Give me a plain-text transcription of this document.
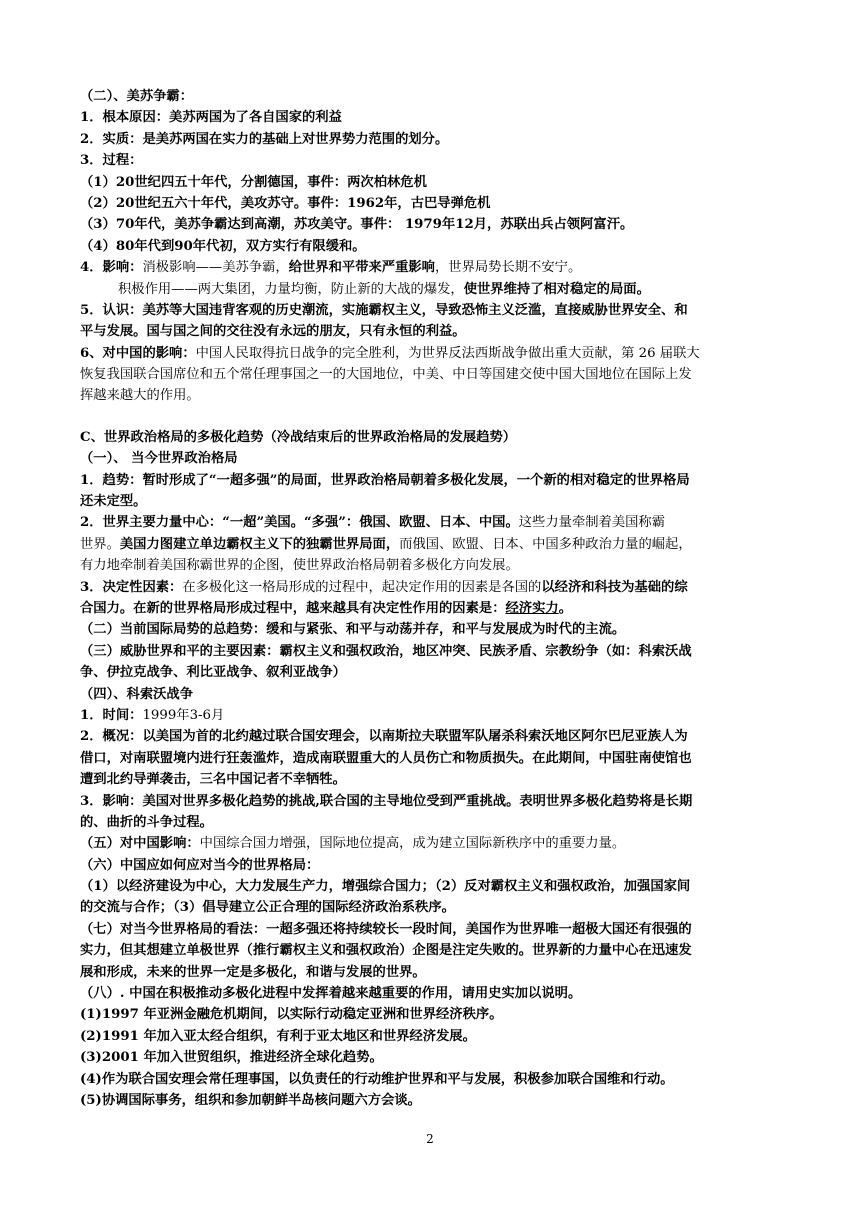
（二）、美苏争霸：
1．根本原因：美苏两国为了各自国家的利益
2．实质：是美苏两国在实力的基础上对世界势力范围的划分。
3．过程：
（1）20世纪四五十年代，分割德国，事件：两次柏林危机
（2）20世纪五六十年代，美攻苏守。事件：1962年，古巴导弹危机
（3）70年代，美苏争霸达到高潮，苏攻美守。事件： 1979年12月，苏联出兵占领阿富汗。
（4）80年代到90年代初，双方实行有限缓和。
4．影响：消极影响——美苏争霸，给世界和平带来严重影响，世界局势长期不安宁。
积极作用——两大集团，力量均衡，防止新的大战的爆发，使世界维持了相对稳定的局面。
5．认识：美苏等大国违背客观的历史潮流，实施霸权主义，导致恐怖主义泛滥，直接威胁世界安全、和
平与发展。国与国之间的交往没有永远的朋友，只有永恒的利益。
6、对中国的影响：中国人民取得抗日战争的完全胜利，为世界反法西斯战争做出重大贡献，第 26 届联大
恢复我国联合国席位和五个常任理事国之一的大国地位，中美、中日等国建交使中国大国地位在国际上发
挥越来越大的作用。
C、世界政治格局的多极化趋势（冷战结束后的世界政治格局的发展趋势）
（一）、 当今世界政治格局
1．趋势：暂时形成了“一超多强”的局面，世界政治格局朝着多极化发展，一个新的相对稳定的世界格局
还未定型。
2．世界主要力量中心：“一超”美国。“多强”：俄国、欧盟、日本、中国。这些力量牵制着美国称霸
世界。美国力图建立单边霸权主义下的独霸世界局面，而俄国、欧盟、日本、中国多种政治力量的崛起，
有力地牵制着美国称霸世界的企图，使世界政治格局朝着多极化方向发展。
3．决定性因素：在多极化这一格局形成的过程中，起决定作用的因素是各国的以经济和科技为基础的综
合国力。在新的世界格局形成过程中，越来越具有决定性作用的因素是：经济实力。
（二）当前国际局势的总趋势：缓和与紧张、和平与动荡并存，和平与发展成为时代的主流。
（三）威胁世界和平的主要因素：霸权主义和强权政治，地区冲突、民族矛盾、宗教纷争（如：科索沃战
争、伊拉克战争、利比亚战争、叙利亚战争）
（四）、科索沃战争
1．时间：1999年3-6月
2．概况：以美国为首的北约越过联合国安理会，以南斯拉夫联盟军队屠杀科索沃地区阿尔巴尼亚族人为
借口，对南联盟境内进行狂轰滥炸，造成南联盟重大的人员伤亡和物质损失。在此期间，中国驻南使馆也
遭到北约导弹袭击，三名中国记者不幸牺牲。
3．影响：美国对世界多极化趋势的挑战,联合国的主导地位受到严重挑战。表明世界多极化趋势将是长期
的、曲折的斗争过程。
（五）对中国影响：中国综合国力增强，国际地位提高，成为建立国际新秩序中的重要力量。
（六）中国应如何应对当今的世界格局：
（1）以经济建设为中心，大力发展生产力，增强综合国力；（2）反对霸权主义和强权政治，加强国家间
的交流与合作；（3）倡导建立公正合理的国际经济政治系秩序。
（七）对当今世界格局的看法：一超多强还将持续较长一段时间，美国作为世界唯一超极大国还有很强的
实力，但其想建立单极世界（推行霸权主义和强权政治）企图是注定失败的。世界新的力量中心在迅速发
展和形成，未来的世界一定是多极化，和谐与发展的世界。
（八）. 中国在积极推动多极化进程中发挥着越来越重要的作用，请用史实加以说明。
(1)1997 年亚洲金融危机期间，以实际行动稳定亚洲和世界经济秩序。
(2)1991 年加入亚太经合组织，有利于亚太地区和世界经济发展。
(3)2001 年加入世贸组织，推进经济全球化趋势。
(4)作为联合国安理会常任理事国，以负责任的行动维护世界和平与发展，积极参加联合国维和行动。
(5)协调国际事务，组织和参加朝鲜半岛核问题六方会谈。
2
